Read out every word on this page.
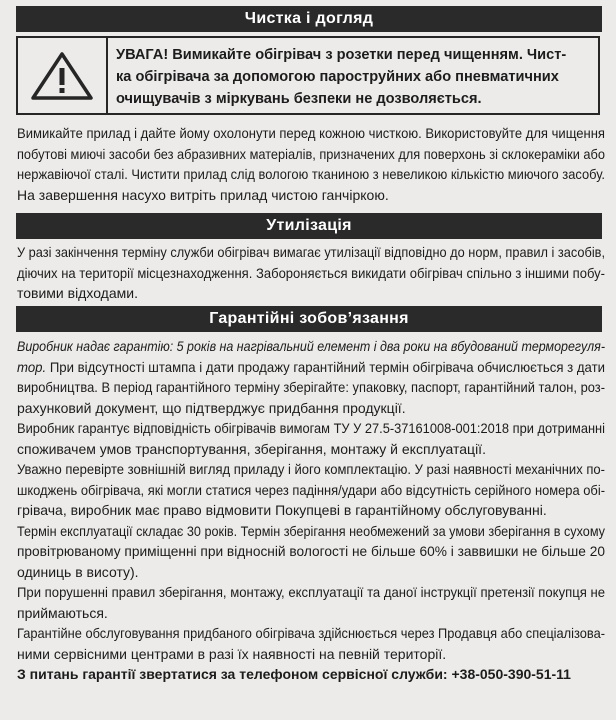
Чистка і догляд
УВАГА! Вимикайте обігрівач з розетки перед чищенням. Чист-
ка обігрівача за допомогою пароструйних або пневматичних
очищувачів з міркувань безпеки не дозволяється.
Вимикайте прилад і дайте йому охолонути перед кожною чисткою. Використовуйте для чищення
побутові миючі засоби без абразивних матеріалів, призначених для поверхонь зі склокераміки або
нержавіючої сталі. Чистити прилад слід вологою тканиною з невеликою кількістю миючого засобу.
На завершення насухо витріть прилад чистою ганчіркою.
Утилізація
У разі закінчення терміну служби обігрівач вимагає утилізації відповідно до норм, правил і засобів,
діючих на території місцезнаходження. Забороняється викидати обігрівач спільно з іншими побу-
товими відходами.
Гарантійні зобов’язання
Виробник надає гарантію: 5 років на нагрівальний елемент і два роки на вбудований терморегуля-
тор. При відсутності штампа і дати продажу гарантійний термін обігрівача обчислюється з дати
виробництва. В період гарантійного терміну зберігайте: упаковку, паспорт, гарантійний талон, роз-
рахунковий документ, що підтверджує придбання продукції.
Виробник гарантує відповідність обігрівачів вимогам ТУ У 27.5-37161008-001:2018 при дотриманні
споживачем умов транспортування, зберігання, монтажу й експлуатації.
Уважно перевірте зовнішній вигляд приладу і його комплектацію. У разі наявності механічних по-
шкоджень обігрівача, які могли статися через падіння/удари або відсутність серійного номера обі-
грівача, виробник має право відмовити Покупцеві в гарантійному обслуговуванні.
Термін експлуатації складає 30 років. Термін зберігання необмежений за умови зберігання в сухому
провітрюваному приміщенні при відносній вологості не більше 60% і заввишки не більше 20
одиниць в висоту).
При порушенні правил зберігання, монтажу, експлуатації та даної інструкції претензії покупця не
приймаються.
Гарантійне обслуговування придбаного обігрівача здійснюється через Продавця або спеціалізова-
ними сервісними центрами в разі їх наявності на певній території.
З питань гарантії звертатися за телефоном сервісної служби: +38-050-390-51-11
